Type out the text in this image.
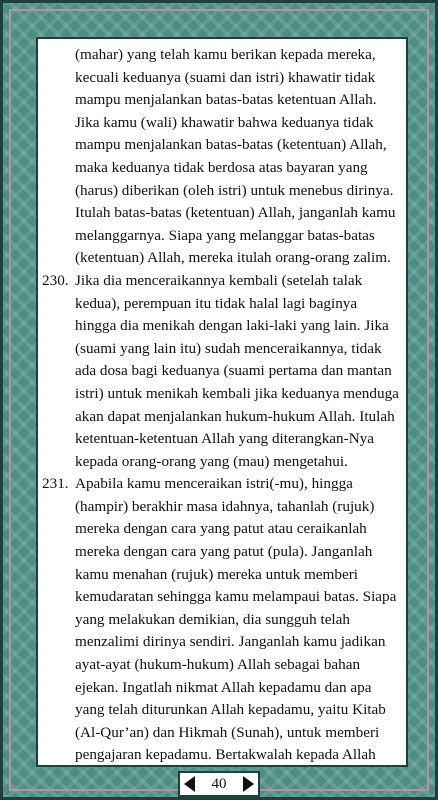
(mahar) yang telah kamu berikan kepada mereka, kecuali keduanya (suami dan istri) khawatir tidak mampu menjalankan batas-batas ketentuan Allah. Jika kamu (wali) khawatir bahwa keduanya tidak mampu menjalankan batas-batas (ketentuan) Allah, maka keduanya tidak berdosa atas bayaran yang (harus) diberikan (oleh istri) untuk menebus dirinya. Itulah batas-batas (ketentuan) Allah, janganlah kamu melanggarnya. Siapa yang melanggar batas-batas (ketentuan) Allah, mereka itulah orang-orang zalim.
230. Jika dia menceraikannya kembali (setelah talak kedua), perempuan itu tidak halal lagi baginya hingga dia menikah dengan laki-laki yang lain. Jika (suami yang lain itu) sudah menceraikannya, tidak ada dosa bagi keduanya (suami pertama dan mantan istri) untuk menikah kembali jika keduanya menduga akan dapat menjalankan hukum-hukum Allah. Itulah ketentuan-ketentuan Allah yang diterangkan-Nya kepada orang-orang yang (mau) mengetahui.
231. Apabila kamu menceraikan istri(-mu), hingga (hampir) berakhir masa idahnya, tahanlah (rujuk) mereka dengan cara yang patut atau ceraikanlah mereka dengan cara yang patut (pula). Janganlah kamu menahan (rujuk) mereka untuk memberi kemudaratan sehingga kamu melampaui batas. Siapa yang melakukan demikian, dia sungguh telah menzalimi dirinya sendiri. Janganlah kamu jadikan ayat-ayat (hukum-hukum) Allah sebagai bahan ejekan. Ingatlah nikmat Allah kepadamu dan apa yang telah diturunkan Allah kepadamu, yaitu Kitab (Al-Qur’an) dan Hikmah (Sunah), untuk memberi pengajaran kepadamu. Bertakwalah kepada Allah
40
